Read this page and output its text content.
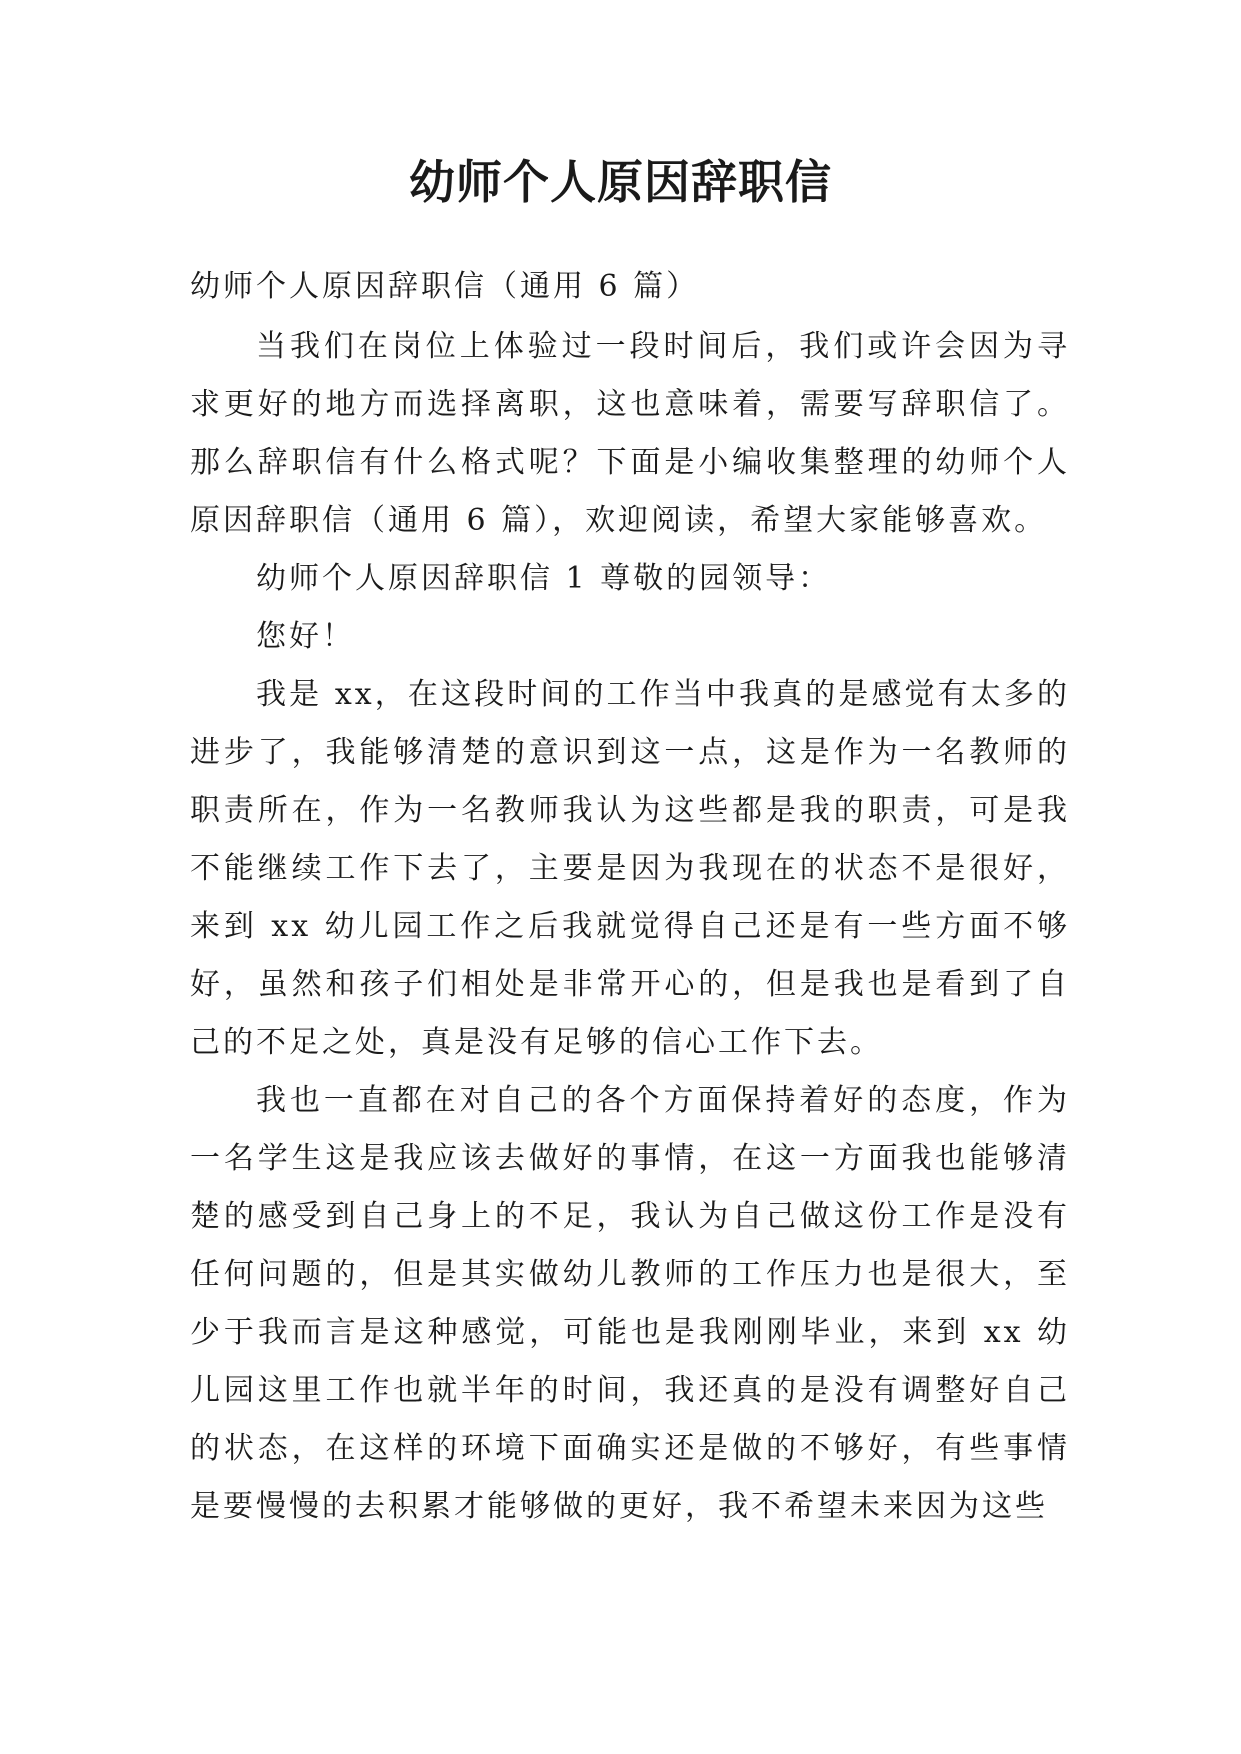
幼师个人原因辞职信

幼师个人原因辞职信（通用 6 篇）

当我们在岗位上体验过一段时间后，我们或许会因为寻求更好的地方而选择离职，这也意味着，需要写辞职信了。那么辞职信有什么格式呢？下面是小编收集整理的幼师个人原因辞职信（通用 6 篇），欢迎阅读，希望大家能够喜欢。

幼师个人原因辞职信 1 尊敬的园领导：

您好！

我是 xx，在这段时间的工作当中我真的是感觉有太多的进步了，我能够清楚的意识到这一点，这是作为一名教师的职责所在，作为一名教师我认为这些都是我的职责，可是我不能继续工作下去了，主要是因为我现在的状态不是很好，来到 xx 幼儿园工作之后我就觉得自己还是有一些方面不够好，虽然和孩子们相处是非常开心的，但是我也是看到了自己的不足之处，真是没有足够的信心工作下去。

我也一直都在对自己的各个方面保持着好的态度，作为一名学生这是我应该去做好的事情，在这一方面我也能够清楚的感受到自己身上的不足，我认为自己做这份工作是没有任何问题的，但是其实做幼儿教师的工作压力也是很大，至少于我而言是这种感觉，可能也是我刚刚毕业，来到 xx 幼儿园这里工作也就半年的时间，我还真的是没有调整好自己的状态，在这样的环境下面确实还是做的不够好，有些事情是要慢慢的去积累才能够做的更好，我不希望未来因为这些
